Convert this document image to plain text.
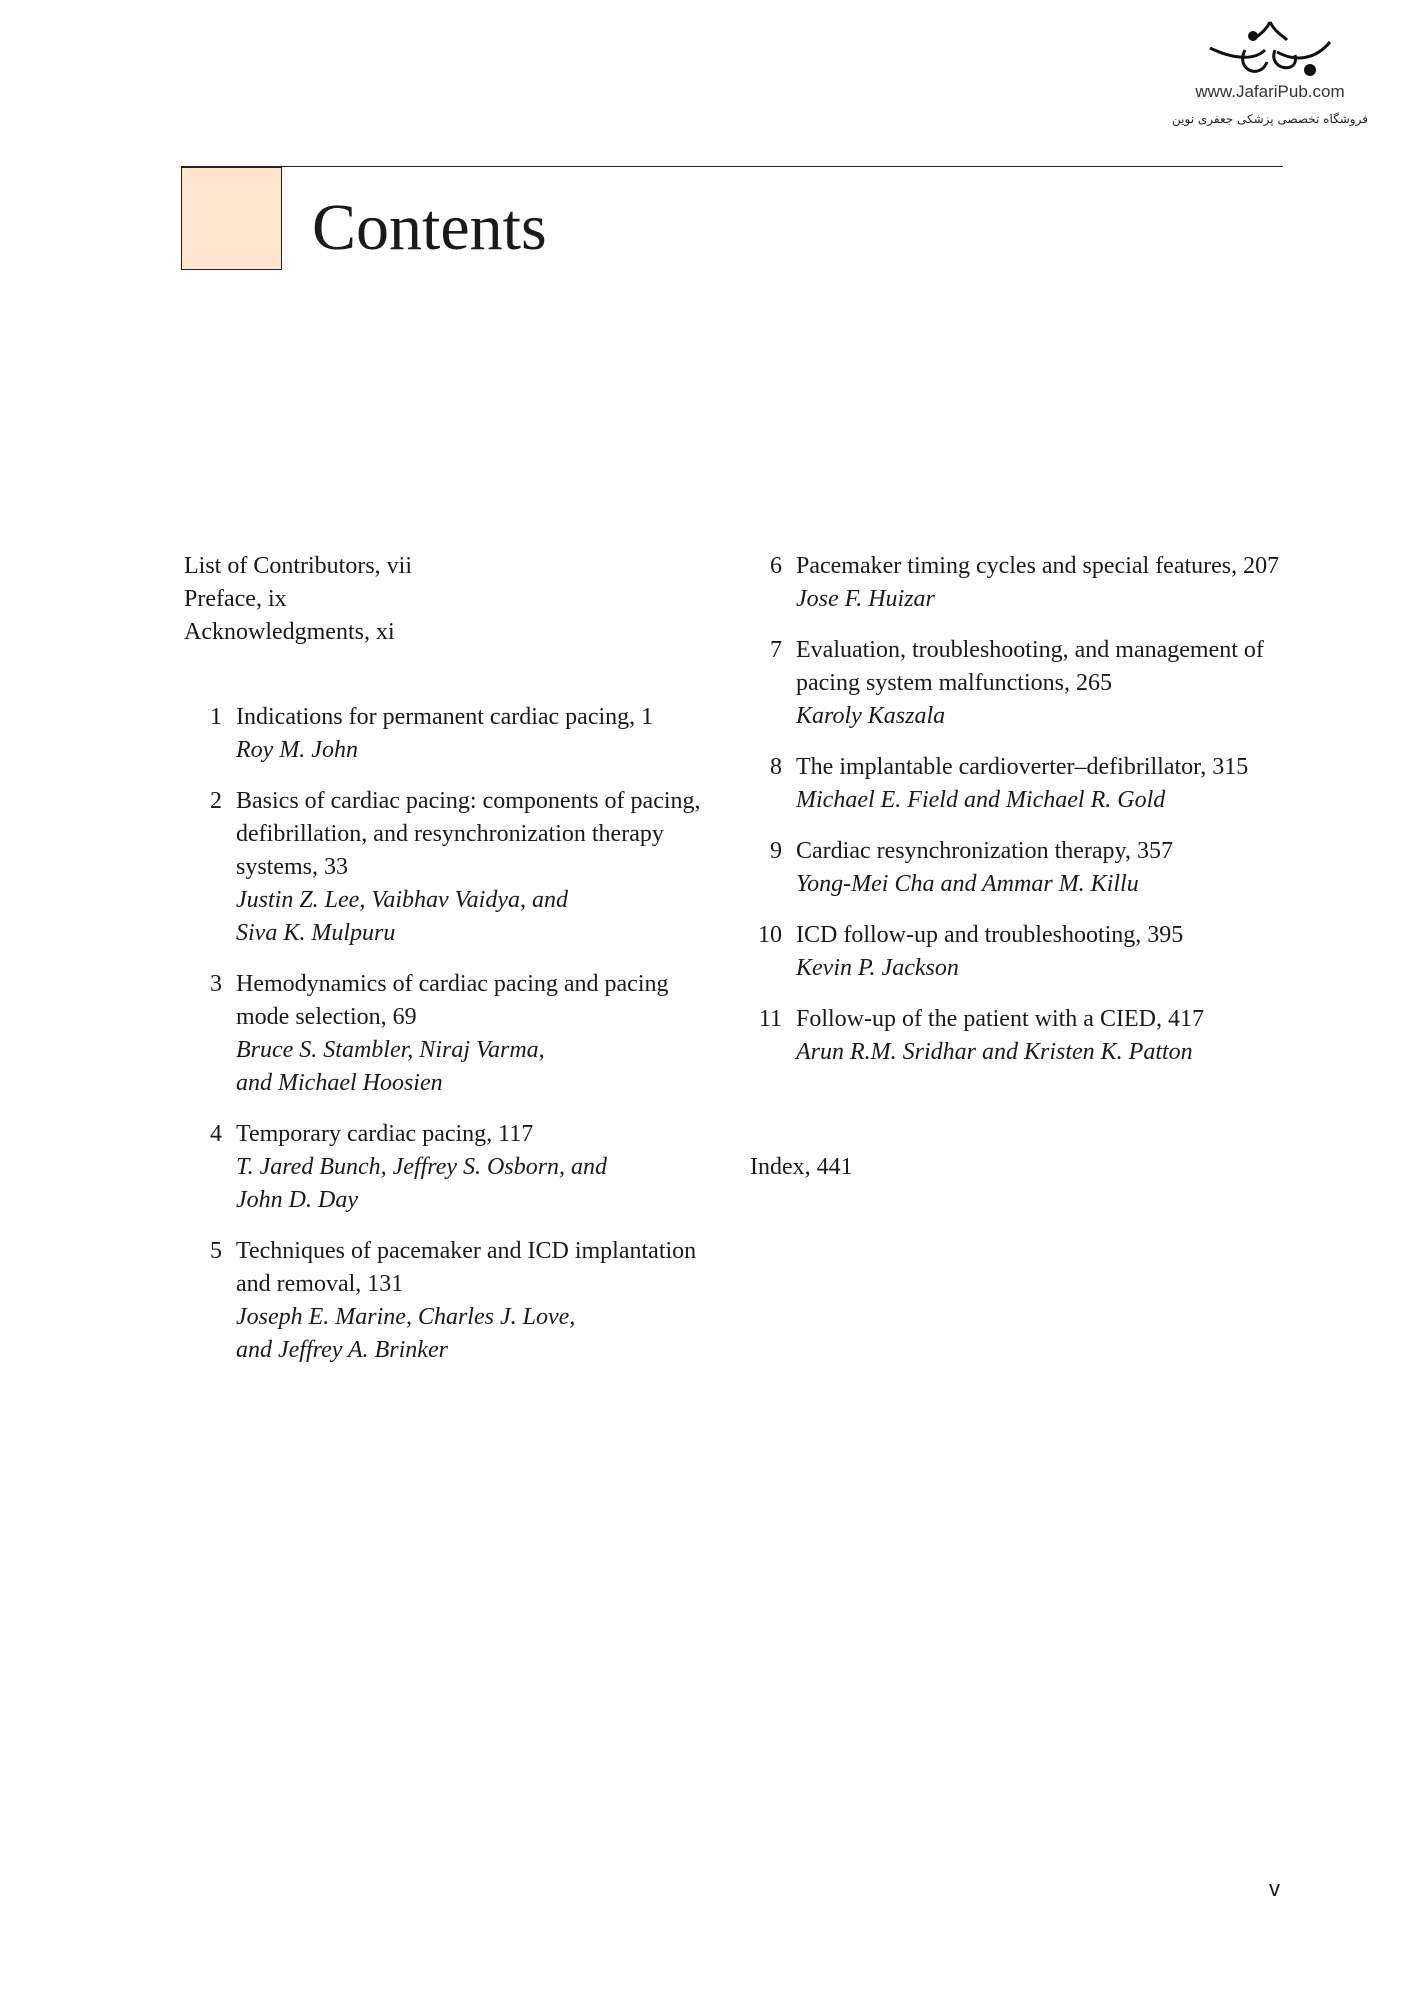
www.JafariPub.com
فروشگاه تخصصی پزشکی جعفری نوین
Contents
List of Contributors, vii
Preface, ix
Acknowledgments, xi
1 Indications for permanent cardiac pacing, 1
Roy M. John
2 Basics of cardiac pacing: components of pacing, defibrillation, and resynchronization therapy systems, 33
Justin Z. Lee, Vaibhav Vaidya, and
Siva K. Mulpuru
3 Hemodynamics of cardiac pacing and pacing mode selection, 69
Bruce S. Stambler, Niraj Varma,
and Michael Hoosien
4 Temporary cardiac pacing, 117
T. Jared Bunch, Jeffrey S. Osborn, and
John D. Day
5 Techniques of pacemaker and ICD implantation and removal, 131
Joseph E. Marine, Charles J. Love,
and Jeffrey A. Brinker
6 Pacemaker timing cycles and special features, 207
Jose F. Huizar
7 Evaluation, troubleshooting, and management of pacing system malfunctions, 265
Karoly Kaszala
8 The implantable cardioverter–defibrillator, 315
Michael E. Field and Michael R. Gold
9 Cardiac resynchronization therapy, 357
Yong-Mei Cha and Ammar M. Killu
10 ICD follow-up and troubleshooting, 395
Kevin P. Jackson
11 Follow-up of the patient with a CIED, 417
Arun R.M. Sridhar and Kristen K. Patton
Index, 441
v
